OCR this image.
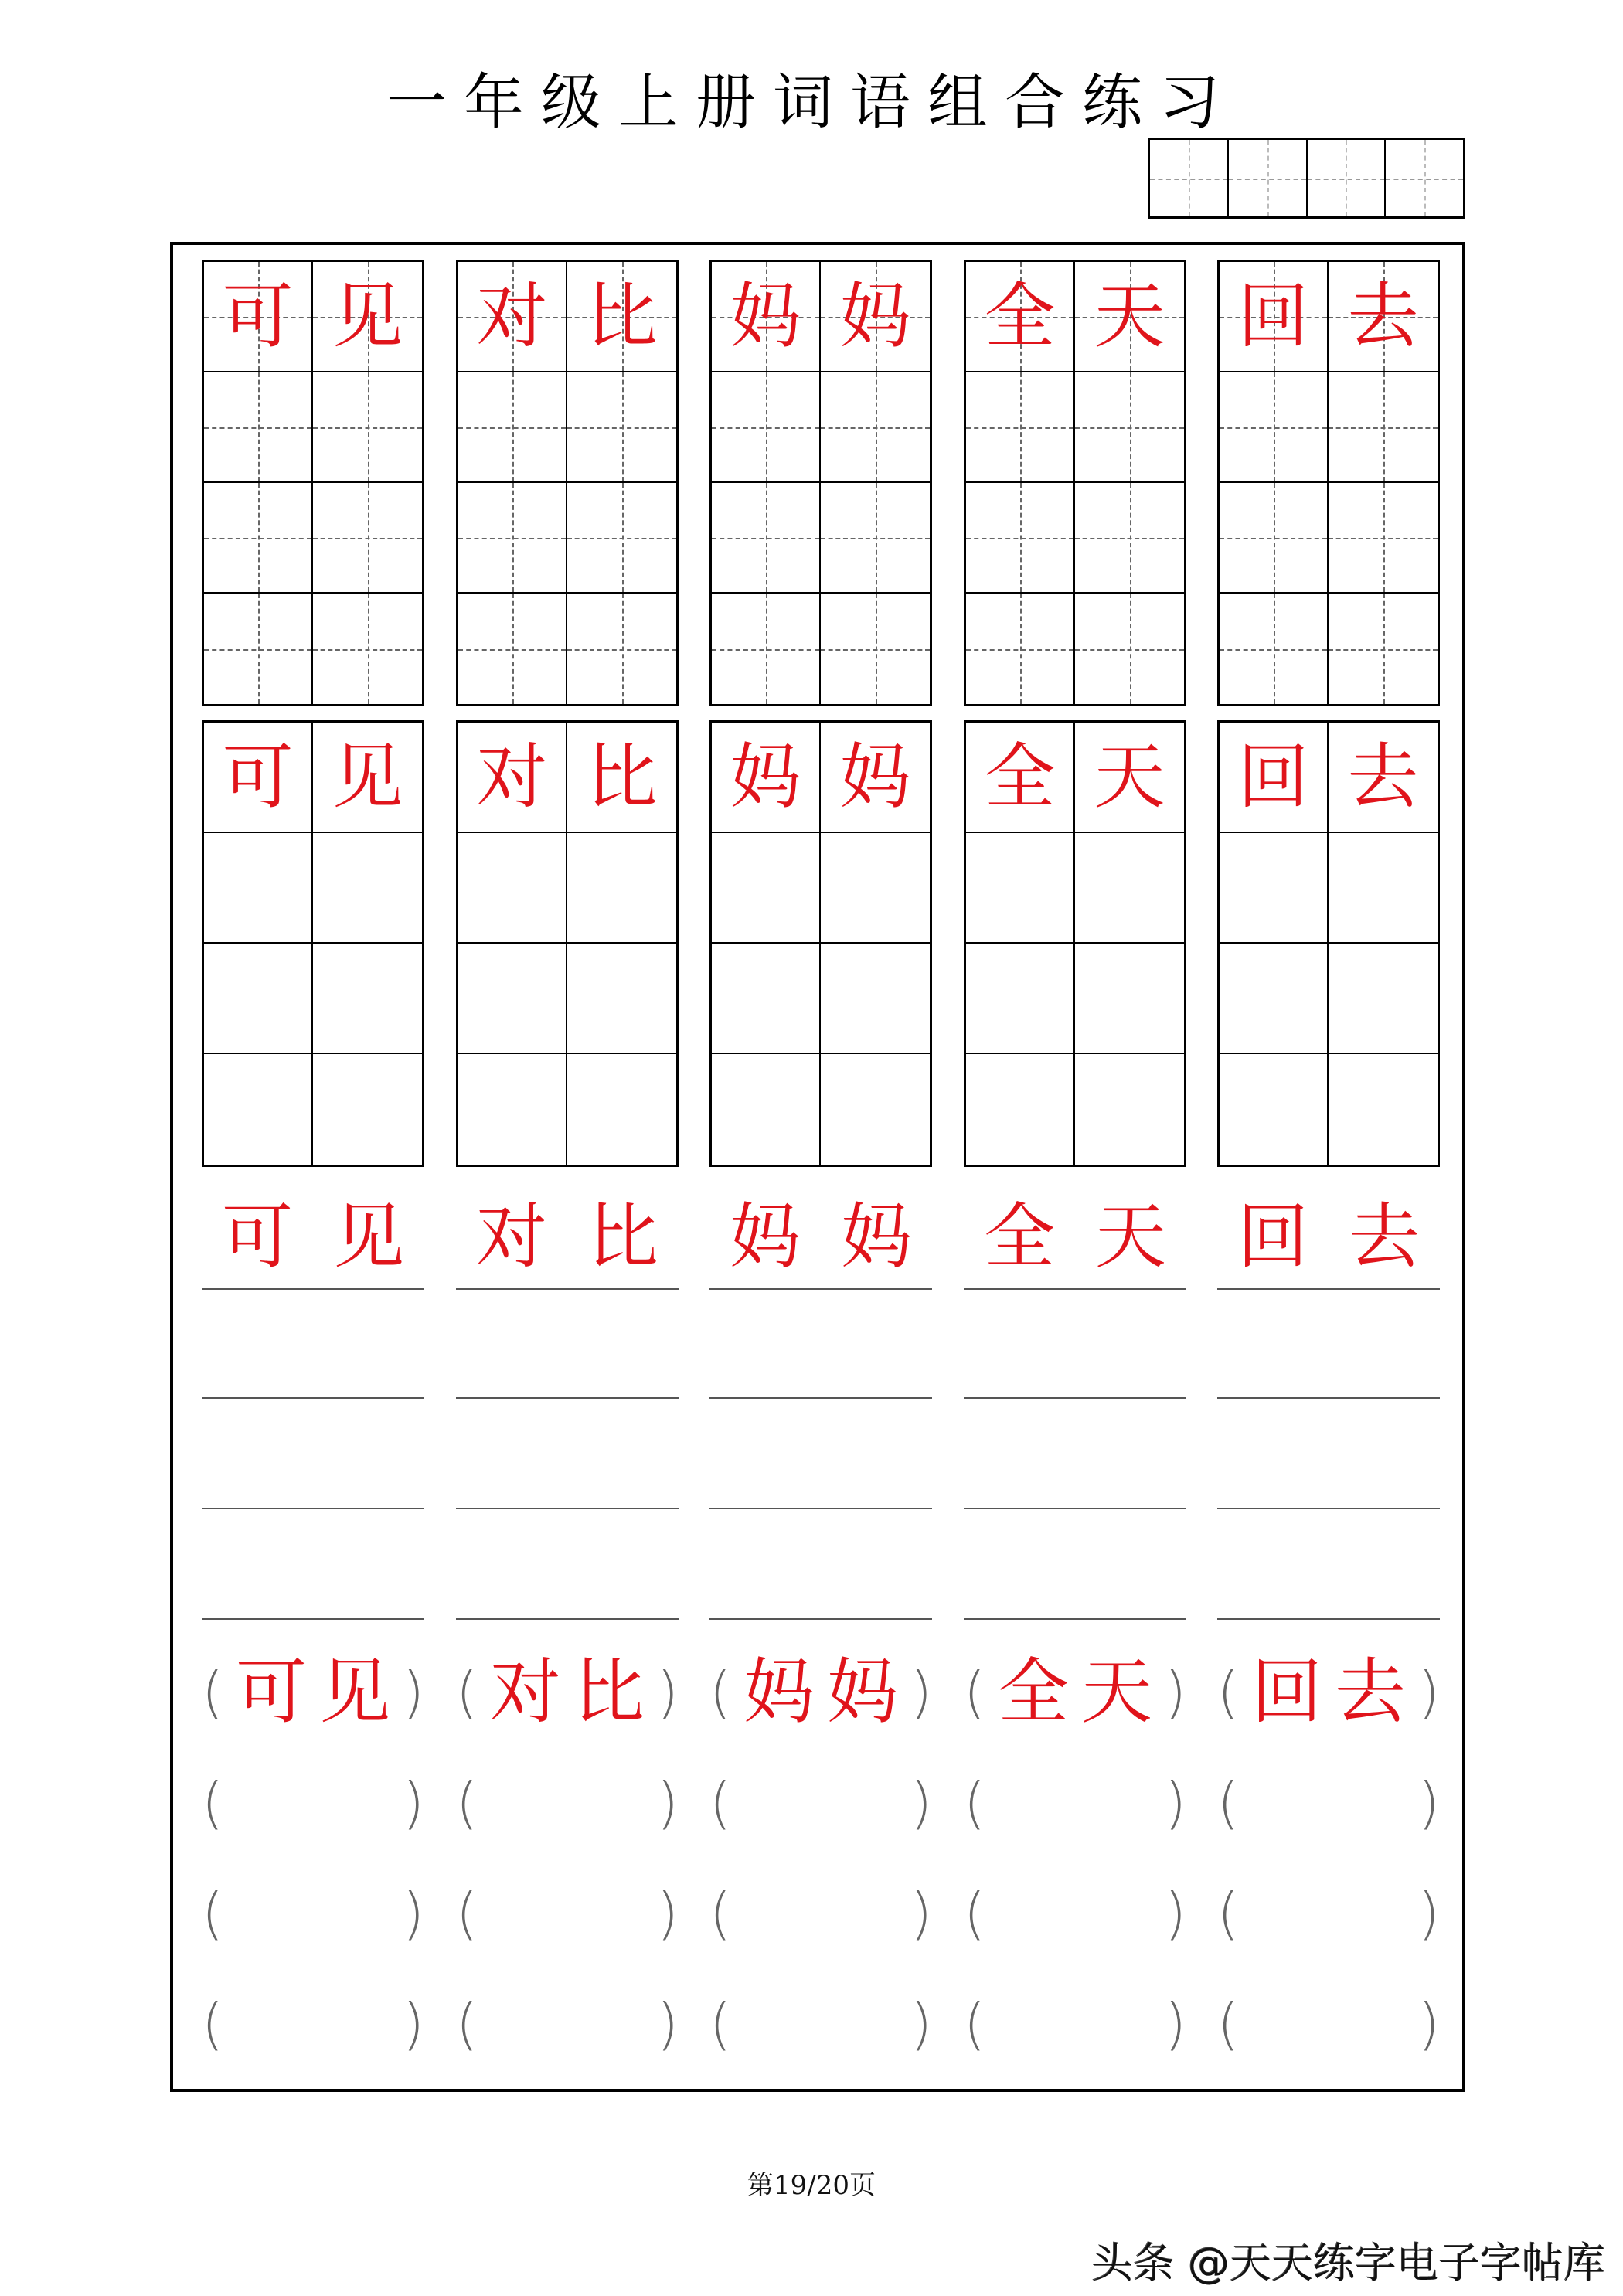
一年级上册词语组合练习
可 见
可 见
可 见
( 可 见 )
(	)
(	)
(	)
对 比
对 比
对 比
( 对 比 )
(	)
(	)
(	)
妈 妈
妈 妈
妈 妈
( 妈 妈 )
(	)
(	)
(	)
全 天
全 天
全 天
( 全 天 )
(	)
(	)
(	)
回 去
回 去
回 去
( 回 去 )
(	)
(	)
(	)
第19/20页
头条 @天天练字电子字帖库
